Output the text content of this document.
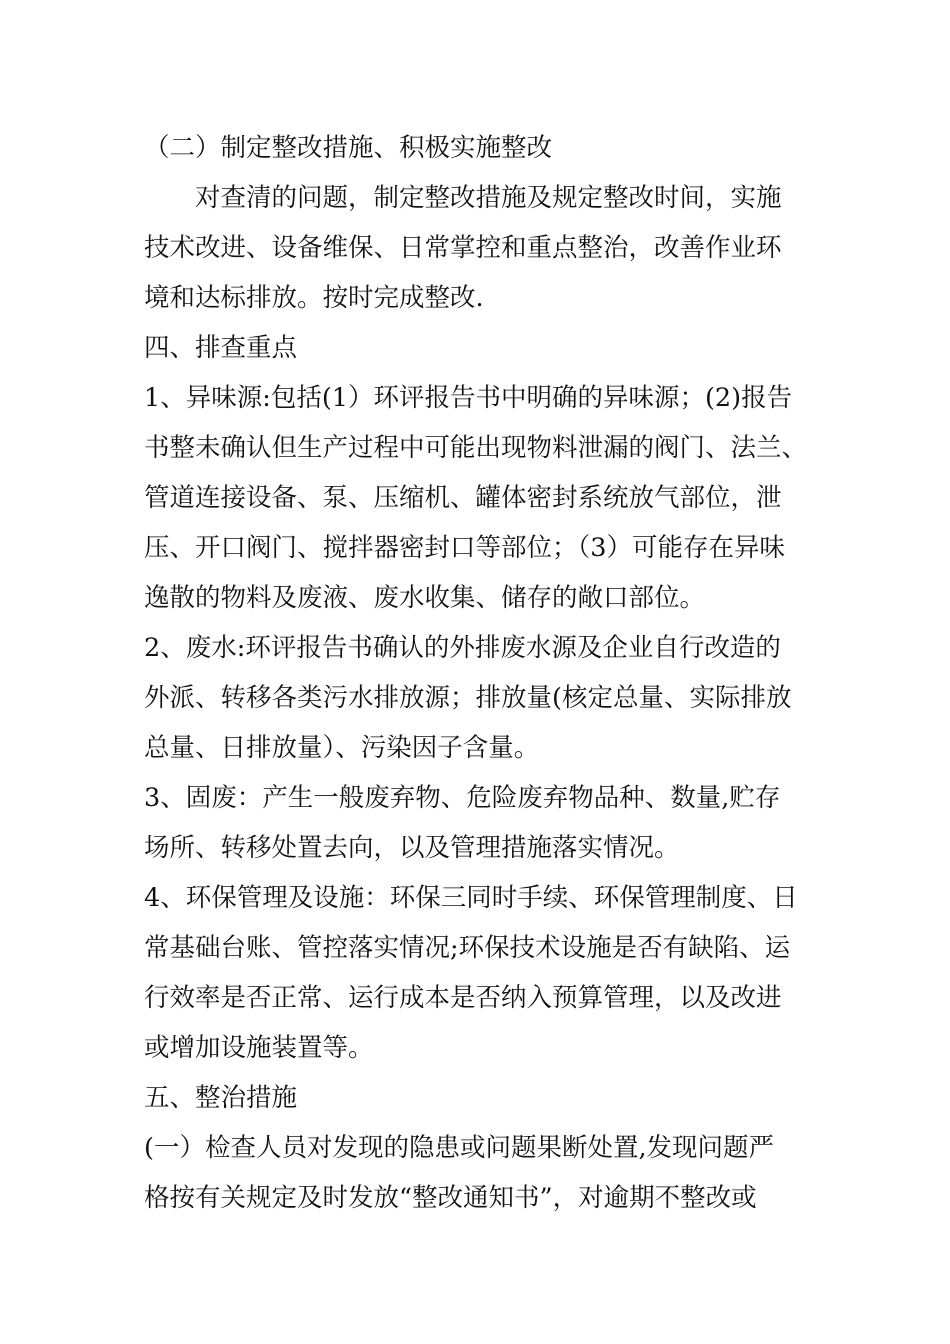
（二）制定整改措施、积极实施整改
对查清的问题，制定整改措施及规定整改时间，实施
技术改进、设备维保、日常掌控和重点整治，改善作业环
境和达标排放。按时完成整改.
四、排查重点
1、异味源:包括(1）环评报告书中明确的异味源；(2)报告
书整未确认但生产过程中可能出现物料泄漏的阀门、法兰、
管道连接设备、泵、压缩机、罐体密封系统放气部位，泄
压、开口阀门、搅拌器密封口等部位；（3）可能存在异味
逸散的物料及废液、废水收集、储存的敞口部位。
2、废水:环评报告书确认的外排废水源及企业自行改造的
外派、转移各类污水排放源；排放量(核定总量、实际排放
总量、日排放量）、污染因子含量。
3、固废：产生一般废弃物、危险废弃物品种、数量,贮存
场所、转移处置去向，以及管理措施落实情况。
4、环保管理及设施：环保三同时手续、环保管理制度、日
常基础台账、管控落实情况;环保技术设施是否有缺陷、运
行效率是否正常、运行成本是否纳入预算管理，以及改进
或增加设施装置等。
五、整治措施
(一）检查人员对发现的隐患或问题果断处置,发现问题严
格按有关规定及时发放“整改通知书”，对逾期不整改或
